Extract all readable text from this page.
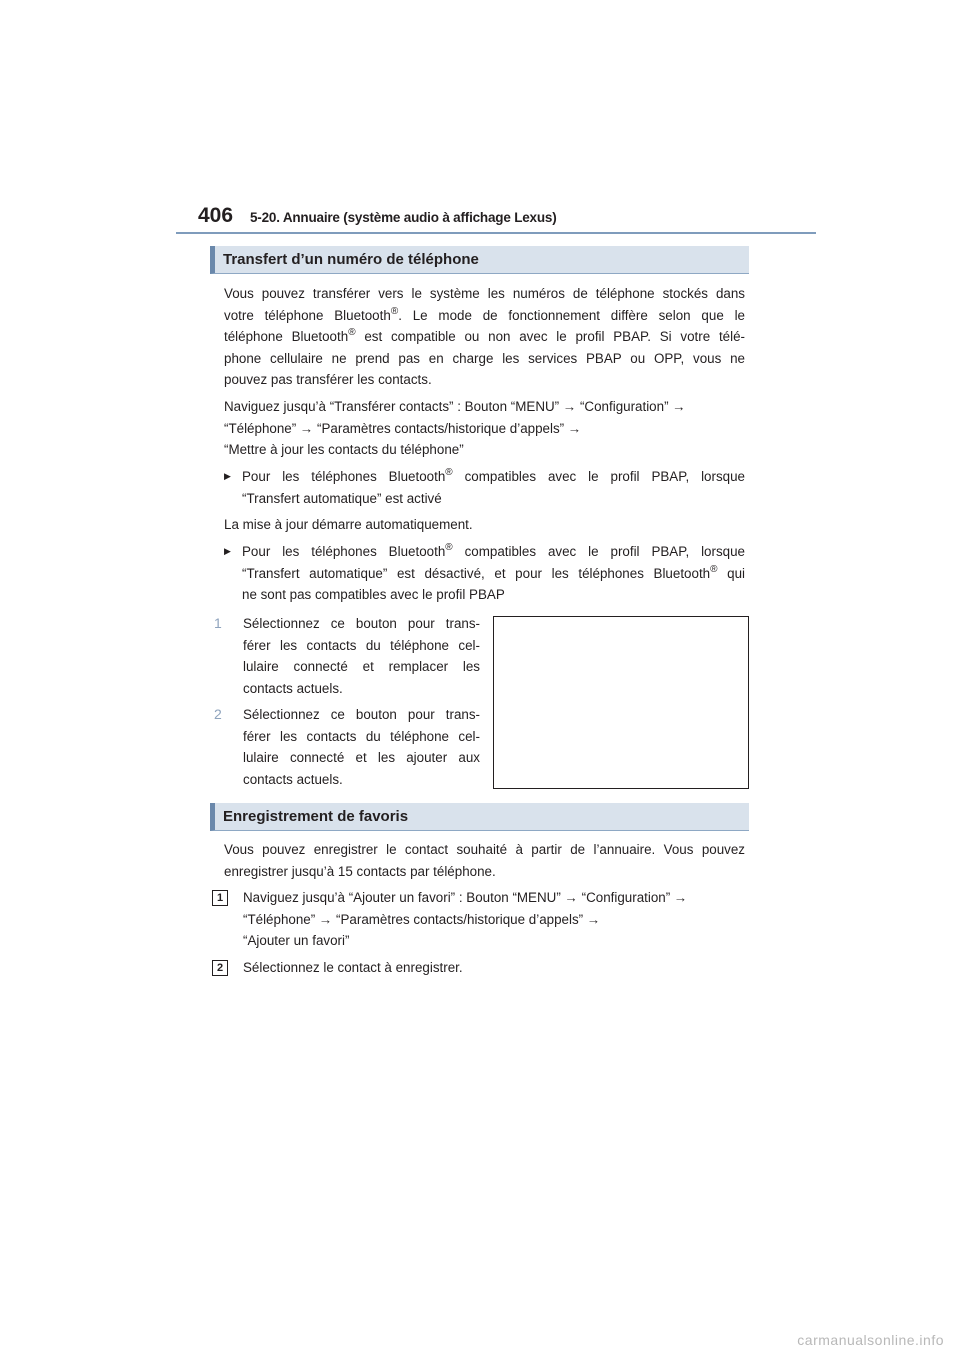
406 5-20. Annuaire (système audio à affichage Lexus)
Transfert d’un numéro de téléphone
Vous pouvez transférer vers le système les numéros de téléphone stockés dans
votre téléphone Bluetooth®. Le mode de fonctionnement diffère selon que le
téléphone Bluetooth® est compatible ou non avec le profil PBAP. Si votre télé-
phone cellulaire ne prend pas en charge les services PBAP ou OPP, vous ne
pouvez pas transférer les contacts.
Naviguez jusqu’à “Transférer contacts” : Bouton “MENU” → “Configuration” →
“Téléphone” → “Paramètres contacts/historique d’appels” →
“Mettre à jour les contacts du téléphone”
▶ Pour les téléphones Bluetooth® compatibles avec le profil PBAP, lorsque
“Transfert automatique” est activé
La mise à jour démarre automatiquement.
▶ Pour les téléphones Bluetooth® compatibles avec le profil PBAP, lorsque
“Transfert automatique” est désactivé, et pour les téléphones Bluetooth® qui
ne sont pas compatibles avec le profil PBAP
1 Sélectionnez ce bouton pour trans-
férer les contacts du téléphone cel-
lulaire connecté et remplacer les
contacts actuels.
2 Sélectionnez ce bouton pour trans-
férer les contacts du téléphone cel-
lulaire connecté et les ajouter aux
contacts actuels.
Enregistrement de favoris
Vous pouvez enregistrer le contact souhaité à partir de l’annuaire. Vous pouvez
enregistrer jusqu’à 15 contacts par téléphone.
1	Naviguez jusqu’à “Ajouter un favori” : Bouton “MENU” → “Configuration” →
“Téléphone” → “Paramètres contacts/historique d’appels” →
“Ajouter un favori”
2	Sélectionnez le contact à enregistrer.
carmanualsonline.info
